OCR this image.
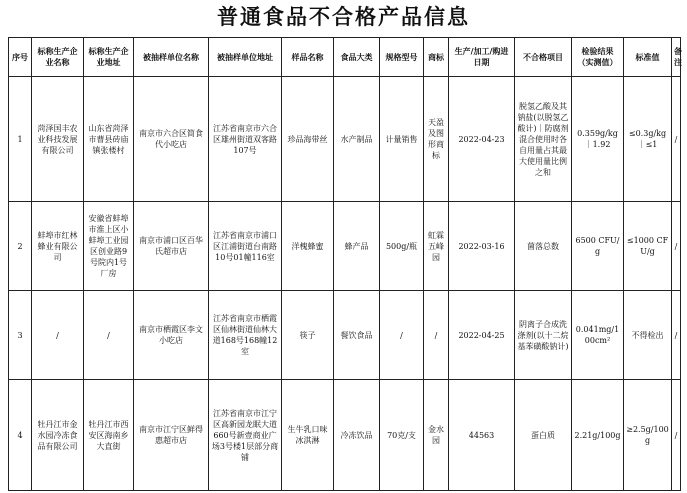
普通食品不合格产品信息
序号	标称生产企业名称	标称生产企业地址	被抽样单位名称	被抽样单位地址	样品名称	食品大类	规格型号	商标	生产/加工/购进日期	不合格项目	检验结果（实测值）	标准值	备注
1	菏泽国丰农业科技发展有限公司	山东省菏泽市曹县砖庙镇张楼村	南京市六合区简食代小吃店	江苏省南京市六合区雄州街道双客路107号	珍品海带丝	水产制品	计量销售	天盈及图形商标	2022-04-23	脱氢乙酸及其钠盐(以脱氢乙酸计)｜防腐剂混合使用时各自用量占其最大使用量比例之和	0.359g/kg｜1.92	≤0.3g/kg｜≤1	/
2	蚌埠市红林蜂业有限公司	安徽省蚌埠市淮上区小蚌埠工业园区创业路9号院内1号厂房	南京市浦口区百华氏超市店	江苏省南京市浦口区江浦街道台南路10号01幢116室	洋槐蜂蜜	蜂产品	500g/瓶	虹霖五峰园	2022-03-16	菌落总数	6500 CFU/g	≤1000 CFU/g	/
3	/	/	南京市栖霞区李文小吃店	江苏省南京市栖霞区仙林街道仙林大道168号168幢12室	筷子	餐饮食品	/	/	2022-04-25	阴离子合成洗涤剂(以十二烷基苯磺酸钠计)	0.041mg/100cm²	不得检出	/
4	牡丹江市金水园冷冻食品有限公司	牡丹江市西安区海南乡大直街	南京市江宁区鲜得惠超市店	江苏省南京市江宁区高新园龙眠大道660号新壹商业广场3号楼1层部分商铺	生牛乳口味冰淇淋	冷冻饮品	70克/支	金水园	44563	蛋白质	2.21g/100g	≥2.5g/100g	/
